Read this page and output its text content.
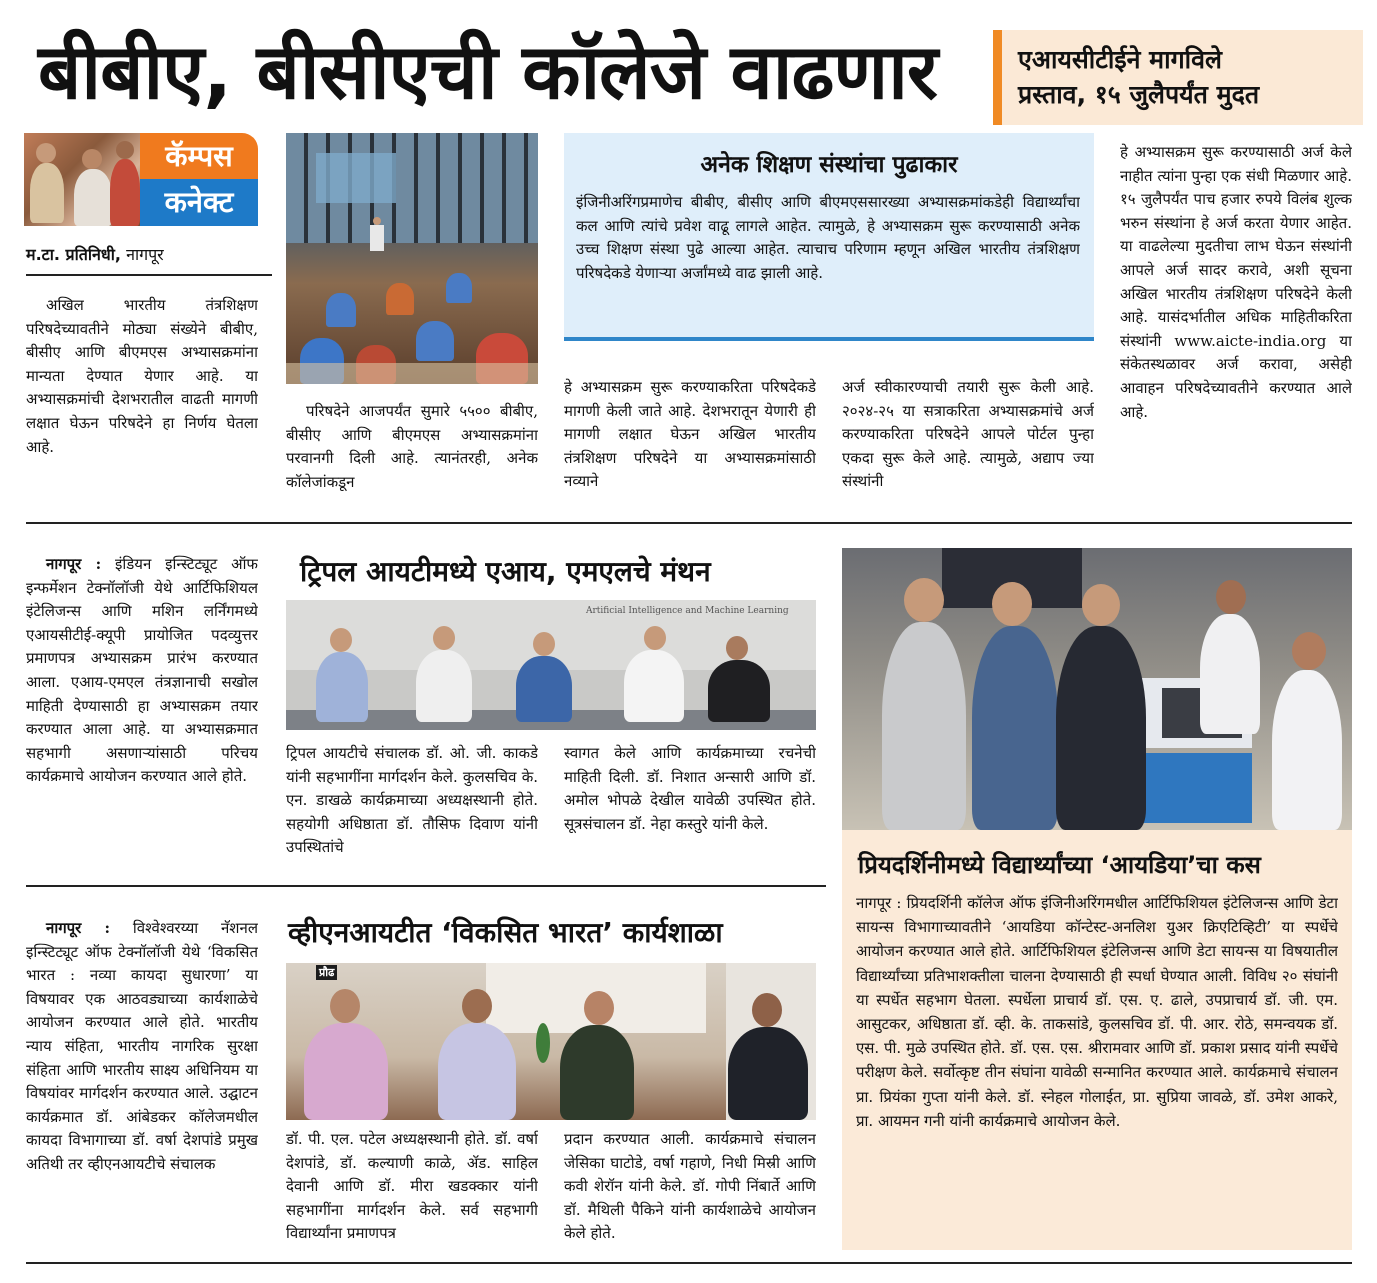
बीबीए, बीसीएची कॉलेजे वाढणार	एआयसीटीईने मागविले
प्रस्ताव, १५ जुलैपर्यंत मुदत
कॅम्पस
कनेक्ट
म.टा. प्रतिनिधी, नागपूर

अखिल भारतीय तंत्रशिक्षण परिषदेच्यावतीने मोठ्या संख्येने बीबीए, बीसीए आणि बीएमएस अभ्यासक्रमांना मान्यता देण्यात येणार आहे. या अभ्यासक्रमांची देशभरातील वाढती मागणी लक्षात घेऊन परिषदेने हा निर्णय घेतला आहे.

परिषदेने आजपर्यंत सुमारे ५५०० बीबीए, बीसीए आणि बीएमएस अभ्यासक्रमांना परवानगी दिली आहे. त्यानंतरही, अनेक कॉलेजांकडून

अनेक शिक्षण संस्थांचा पुढाकार

इंजिनीअरिंगप्रमाणेच बीबीए, बीसीए आणि बीएमएससारख्या अभ्यासक्रमांकडेही विद्यार्थ्यांचा कल आणि त्यांचे प्रवेश वाढू लागले आहेत. त्यामुळे, हे अभ्यासक्रम सुरू करण्यासाठी अनेक उच्च शिक्षण संस्था पुढे आल्या आहेत. त्याचाच परिणाम म्हणून अखिल भारतीय तंत्रशिक्षण परिषदेकडे येणाऱ्या अर्जांमध्ये वाढ झाली आहे.

हे अभ्यासक्रम सुरू करण्याकरिता परिषदेकडे मागणी केली जाते आहे. देशभरातून येणारी ही मागणी लक्षात घेऊन अखिल भारतीय तंत्रशिक्षण परिषदेने या अभ्यासक्रमांसाठी नव्याने

अर्ज स्वीकारण्याची तयारी सुरू केली आहे. २०२४-२५ या सत्राकरिता अभ्यासक्रमांचे अर्ज करण्याकरिता परिषदेने आपले पोर्टल पुन्हा एकदा सुरू केले आहे. त्यामुळे, अद्याप ज्या संस्थांनी

हे अभ्यासक्रम सुरू करण्यासाठी अर्ज केले नाहीत त्यांना पुन्हा एक संधी मिळणार आहे. १५ जुलैपर्यंत पाच हजार रुपये विलंब शुल्क भरुन संस्थांना हे अर्ज करता येणार आहेत. या वाढलेल्या मुदतीचा लाभ घेऊन संस्थांनी आपले अर्ज सादर करावे, अशी सूचना अखिल भारतीय तंत्रशिक्षण परिषदेने केली आहे. यासंदर्भातील अधिक माहितीकरिता संस्थांनी www.aicte-india.org या संकेतस्थळावर अर्ज करावा, असेही आवाहन परिषदेच्यावतीने करण्यात आले आहे.

नागपूर : इंडियन इन्स्टिट्यूट ऑफ इन्फर्मेशन टेक्नॉलॉजी येथे आर्टिफिशियल इंटेलिजन्स आणि मशिन लर्निंगमध्ये एआयसीटीई-क्यूपी प्रायोजित पदव्युत्तर प्रमाणपत्र अभ्यासक्रम प्रारंभ करण्यात आला. एआय-एमएल तंत्रज्ञानाची सखोल माहिती देण्यासाठी हा अभ्यासक्रम तयार करण्यात आला आहे. या अभ्यासक्रमात सहभागी असणाऱ्यांसाठी परिचय कार्यक्रमाचे आयोजन करण्यात आले होते.

ट्रिपल आयटीमध्ये एआय, एमएलचे मंथन
Artificial Intelligence and Machine Learning

ट्रिपल आयटीचे संचालक डॉ. ओ. जी. काकडे यांनी सहभागींना मार्गदर्शन केले. कुलसचिव के. एन. डाखळे कार्यक्रमाच्या अध्यक्षस्थानी होते. सहयोगी अधिष्ठाता डॉ. तौसिफ दिवाण यांनी उपस्थितांचे

स्वागत केले आणि कार्यक्रमाच्या रचनेची माहिती दिली. डॉ. निशात अन्सारी आणि डॉ. अमोल भोपळे देखील यावेळी उपस्थित होते. सूत्रसंचालन डॉ. नेहा कस्तुरे यांनी केले.

प्रियदर्शिनीमध्ये विद्यार्थ्यांच्या ‘आयडिया’चा कस

नागपूर : प्रियदर्शिनी कॉलेज ऑफ इंजिनीअरिंगमधील आर्टिफिशियल इंटेलिजन्स आणि डेटा सायन्स विभागाच्यावतीने ‘आयडिया कॉन्टेस्ट-अनलिश युअर क्रिएटिव्हिटी’ या स्पर्धेचे आयोजन करण्यात आले होते. आर्टिफिशियल इंटेलिजन्स आणि डेटा सायन्स या विषयातील विद्यार्थ्यांच्या प्रतिभाशक्तीला चालना देण्यासाठी ही स्पर्धा घेण्यात आली. विविध २० संघांनी या स्पर्धेत सहभाग घेतला. स्पर्धेला प्राचार्य डॉ. एस. ए. ढाले, उपप्राचार्य डॉ. जी. एम. आसुटकर, अधिष्ठाता डॉ. व्ही. के. ताकसांडे, कुलसचिव डॉ. पी. आर. रोठे, समन्वयक डॉ. एस. पी. मुळे उपस्थित होते. डॉ. एस. एस. श्रीरामवार आणि डॉ. प्रकाश प्रसाद यांनी स्पर्धेचे परीक्षण केले. सर्वोत्कृष्ट तीन संघांना यावेळी सन्मानित करण्यात आले. कार्यक्रमाचे संचालन प्रा. प्रियंका गुप्ता यांनी केले. डॉ. स्नेहल गोलाईत, प्रा. सुप्रिया जावळे, डॉ. उमेश आकरे, प्रा. आयमन गनी यांनी कार्यक्रमाचे आयोजन केले.

नागपूर : विश्वेश्वरय्या नॅशनल इन्स्टिट्यूट ऑफ टेक्नॉलॉजी येथे ‘विकसित भारत : नव्या कायदा सुधारणा’ या विषयावर एक आठवड्याच्या कार्यशाळेचे आयोजन करण्यात आले होते. भारतीय न्याय संहिता, भारतीय नागरिक सुरक्षा संहिता आणि भारतीय साक्ष्य अधिनियम या विषयांवर मार्गदर्शन करण्यात आले. उद्घाटन कार्यक्रमात डॉ. आंबेडकर कॉलेजमधील कायदा विभागाच्या डॉ. वर्षा देशपांडे प्रमुख अतिथी तर व्हीएनआयटीचे संचालक

व्हीएनआयटीत ‘विकसित भारत’ कार्यशाळा
प्रौढ

डॉ. पी. एल. पटेल अध्यक्षस्थानी होते. डॉ. वर्षा देशपांडे, डॉ. कल्याणी काळे, ॲड. साहिल देवानी आणि डॉ. मीरा खडक्कार यांनी सहभागींना मार्गदर्शन केले. सर्व सहभागी विद्यार्थ्यांना प्रमाणपत्र

प्रदान करण्यात आली. कार्यक्रमाचे संचालन जेसिका घाटोडे, वर्षा गहाणे, निधी मिस्री आणि कवी शेरॉन यांनी केले. डॉ. गोपी निंबार्ते आणि डॉ. मैथिली पैकिने यांनी कार्यशाळेचे आयोजन केले होते.
